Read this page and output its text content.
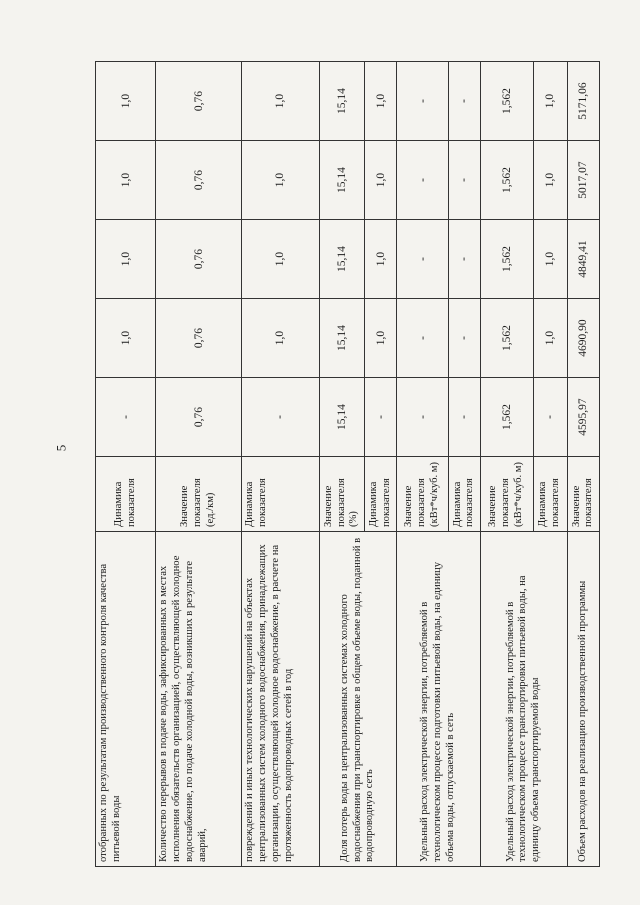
5
отобранных по результатам производственного контроля качества питьевой воды	Динамика показателя	-	1,0	1,0	1,0	1,0
Количество перерывов в подаче воды, зафиксированных в местах исполнения обязательств организацией, осуществляющей холодное водоснабжение, по подаче холодной воды, возникших в результате аварий,	Значение показателя (ед./км)	0,76	0,76	0,76	0,76	0,76
повреждений и иных технологических нарушений на объектах централизованных систем холодного водоснабжения, принадлежащих организации, осуществляющей холодное водоснабжение, в расчете на протяженность водопроводных сетей в год	Динамика показателя	-	1,0	1,0	1,0	1,0
Доля потерь воды в централизованных системах холодного водоснабжения при транспортировке в общем объеме воды, поданной в водопроводную сеть	Значение показателя (%)	15,14	15,14	15,14	15,14	15,14
	Динамика показателя	-	1,0	1,0	1,0	1,0
Удельный расход электрической энергии, потребляемой в технологическом процессе подготовки питьевой воды, на единицу объема воды, отпускаемой в сеть	Значение показателя (кВт*ч/куб. м)	-	-	-	-	-
	Динамика показателя	-	-	-	-	-
Удельный расход электрической энергии, потребляемой в технологическом процессе транспортировки питьевой воды, на единицу объема транспортируемой воды	Значение показателя (кВт*ч/куб. м)	1,562	1,562	1,562	1,562	1,562
	Динамика показателя	-	1,0	1,0	1,0	1,0
Объем расходов на реализацию производственной программы	Значение показателя	4595,97	4690,90	4849,41	5017,07	5171,06
